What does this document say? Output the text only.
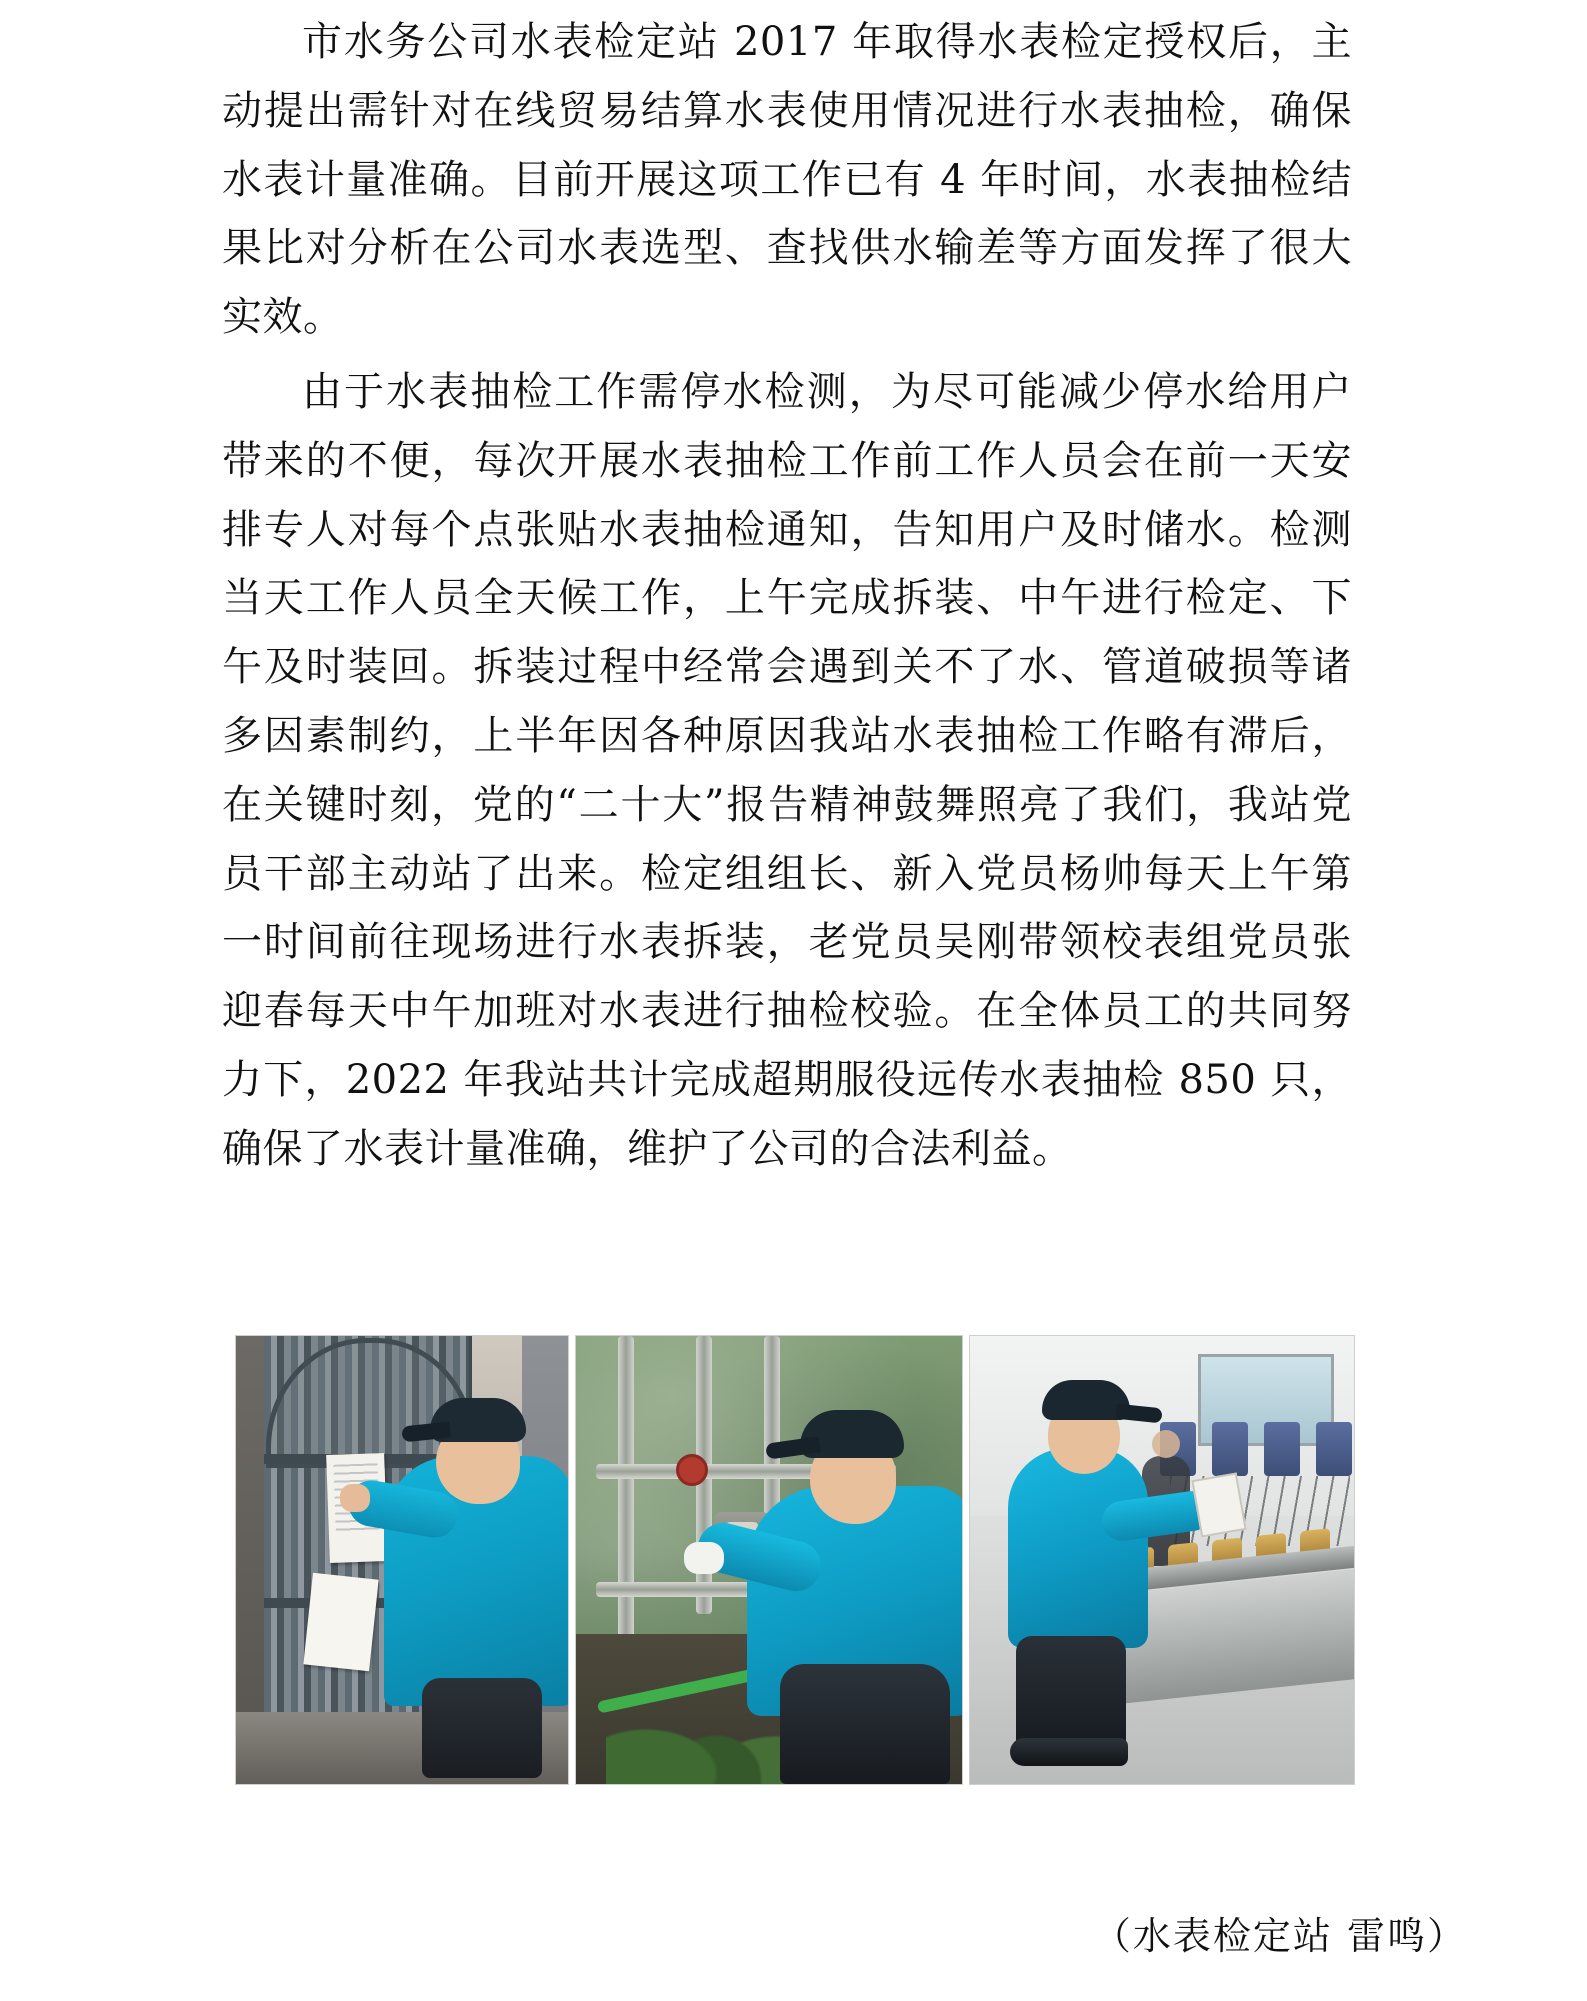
市水务公司水表检定站 2017 年取得水表检定授权后，主动提出需针对在线贸易结算水表使用情况进行水表抽检，确保水表计量准确。目前开展这项工作已有 4 年时间，水表抽检结果比对分析在公司水表选型、查找供水输差等方面发挥了很大实效。

由于水表抽检工作需停水检测，为尽可能减少停水给用户带来的不便，每次开展水表抽检工作前工作人员会在前一天安排专人对每个点张贴水表抽检通知，告知用户及时储水。检测当天工作人员全天候工作，上午完成拆装、中午进行检定、下午及时装回。拆装过程中经常会遇到关不了水、管道破损等诸多因素制约，上半年因各种原因我站水表抽检工作略有滞后，在关键时刻，党的“二十大”报告精神鼓舞照亮了我们，我站党员干部主动站了出来。检定组组长、新入党员杨帅每天上午第一时间前往现场进行水表拆装，老党员吴刚带领校表组党员张迎春每天中午加班对水表进行抽检校验。在全体员工的共同努力下，2022 年我站共计完成超期服役远传水表抽检 850 只，确保了水表计量准确，维护了公司的合法利益。

（水表检定站 雷鸣）
